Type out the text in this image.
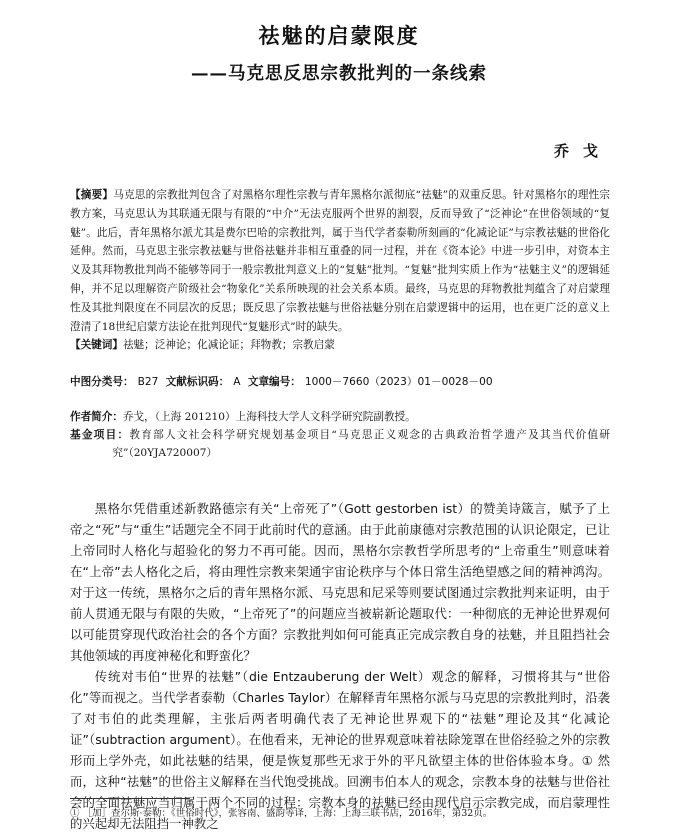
祛魅的启蒙限度
——马克思反思宗教批判的一条线索

乔戈

【摘要】马克思的宗教批判包含了对黑格尔理性宗教与青年黑格尔派彻底“祛魅”的双重反思。针对黑格尔的理性宗教方案，马克思认为其联通无限与有限的“中介”无法克服两个世界的割裂，反而导致了“泛神论”在世俗领域的“复魅”。此后，青年黑格尔派尤其是费尔巴哈的宗教批判，属于当代学者泰勒所刻画的“化减论证”与宗教祛魅的世俗化延伸。然而，马克思主张宗教祛魅与世俗祛魅并非相互重叠的同一过程，并在《资本论》中进一步引申，对资本主义及其拜物教批判尚不能够等同于一般宗教批判意义上的“复魅”批判。“复魅”批判实质上作为“祛魅主义”的逻辑延伸，并不足以理解资产阶级社会“物象化”关系所映现的社会关系本质。最终，马克思的拜物教批判蕴含了对启蒙理性及其批判限度在不同层次的反思；既反思了宗教祛魅与世俗祛魅分别在启蒙逻辑中的运用，也在更广泛的意义上澄清了18世纪启蒙方法论在批判现代“复魅形式”时的缺失。

【关键词】祛魅；泛神论；化减论证；拜物教；宗教启蒙

中图分类号： B27 文献标识码： A 文章编号： 1000－7660（2023）01－0028－00

作者简介：乔戈，（上海 201210）上海科技大学人文科学研究院副教授。

基金项目：教育部人文社会科学研究规划基金项目“马克思正义观念的古典政治哲学遗产及其当代价值研究”（20YJA720007）

黑格尔凭借重述新教路德宗有关“上帝死了”（Gott gestorben ist）的赞美诗箴言，赋予了上帝之“死”与“重生”话题完全不同于此前时代的意涵。由于此前康德对宗教范围的认识论限定，已让上帝同时人格化与超验化的努力不再可能。因而，黑格尔宗教哲学所思考的“上帝重生”则意味着在“上帝”去人格化之后，将由理性宗教来架通宇宙论秩序与个体日常生活绝望感之间的精神鸿沟。对于这一传统，黑格尔之后的青年黑格尔派、马克思和尼采等则要试图通过宗教批判来证明，由于前人贯通无限与有限的失败，“上帝死了”的问题应当被崭新论题取代：一种彻底的无神论世界观何以可能贯穿现代政治社会的各个方面？宗教批判如何可能真正完成宗教自身的祛魅，并且阻挡社会其他领域的再度神秘化和野蛮化？

传统对韦伯“世界的祛魅”（die Entzauberung der Welt）观念的解释，习惯将其与“世俗化”等而视之。当代学者泰勒（Charles Taylor）在解释青年黑格尔派与马克思的宗教批判时，沿袭了对韦伯的此类理解，主张后两者明确代表了无神论世界观下的“祛魅”理论及其“化减论证”（subtraction argument）。在他看来，无神论的世界观意味着祛除笼罩在世俗经验之外的宗教形而上学外壳，如此祛魅的结果，便是恢复那些无求于外的平凡欲望主体的世俗体验本身。① 然而，这种“祛魅”的世俗主义解释在当代饱受挑战。回溯韦伯本人的观念，宗教本身的祛魅与世俗社会的全面祛魅应当归属于两个不同的过程：宗教本身的祛魅已经由现代启示宗教完成，而启蒙理性的兴起却无法阻挡一神教之

① ［加］查尔斯·泰勒：《世俗时代》，张容南、盛韵等译，上海：上海三联书店，2016年，第32页。
